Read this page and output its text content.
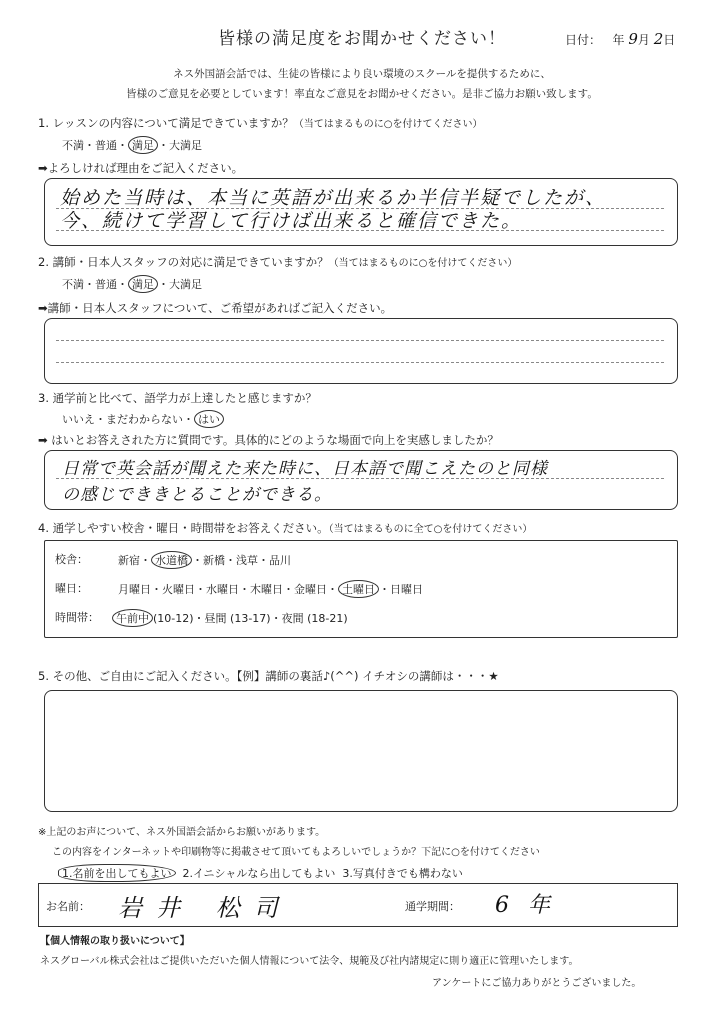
皆様の満足度をお聞かせください！	日付： 年 9月 2日
ネス外国語会話では、生徒の皆様により良い環境のスクールを提供するために、
皆様のご意見を必要としています！率直なご意見をお聞かせください。是非ご協力お願い致します。
1. レッスンの内容について満足できていますか？（当てはまるものに○を付けてください）
不満・普通・ 満足 ・大満足
➡よろしければ理由をご記入ください。
始めた当時は、本当に英語が出来るか半信半疑でしたが、
今、続けて学習して行けば出来ると確信できた。
2. 講師・日本人スタッフの対応に満足できていますか？（当てはまるものに○を付けてください）
不満・普通・ 満足 ・大満足
➡講師・日本人スタッフについて、ご希望があればご記入ください。
3. 通学前と比べて、語学力が上達したと感じますか？
いいえ・まだわからない・ はい
➡ はいとお答えされた方に質問です。具体的にどのような場面で向上を実感しましたか？
日常で英会話が聞えた来た時に、日本語で聞こえたのと同様
の感じでききとることができる。
4. 通学しやすい校舎・曜日・時間帯をお答えください。（当てはまるものに全て○を付けてください）
校舎：	新宿・ 水道橋 ・新橋・浅草・品川
曜日：	月曜日・火曜日・水曜日・木曜日・金曜日・ 土曜日 ・日曜日
時間帯：	午前中 (10-12)・昼間 (13-17)・夜間 (18-21)
5. その他、ご自由にご記入ください。【例】講師の裏話♪(^^) イチオシの講師は・・・★
※上記のお声について、ネス外国語会話からお願いがあります。
この内容をインターネットや印刷物等に掲載させて頂いてもよろしいでしょうか？下記に○を付けてください
1.名前を出してもよい 2.イニシャルなら出してもよい 3.写真付きでも構わない
お名前： 岩井 松司	通学期間： 6 年
【個人情報の取り扱いについて】
ネスグローバル株式会社はご提供いただいた個人情報について法令、規範及び社内諸規定に則り適正に管理いたします。
アンケートにご協力ありがとうございました。
